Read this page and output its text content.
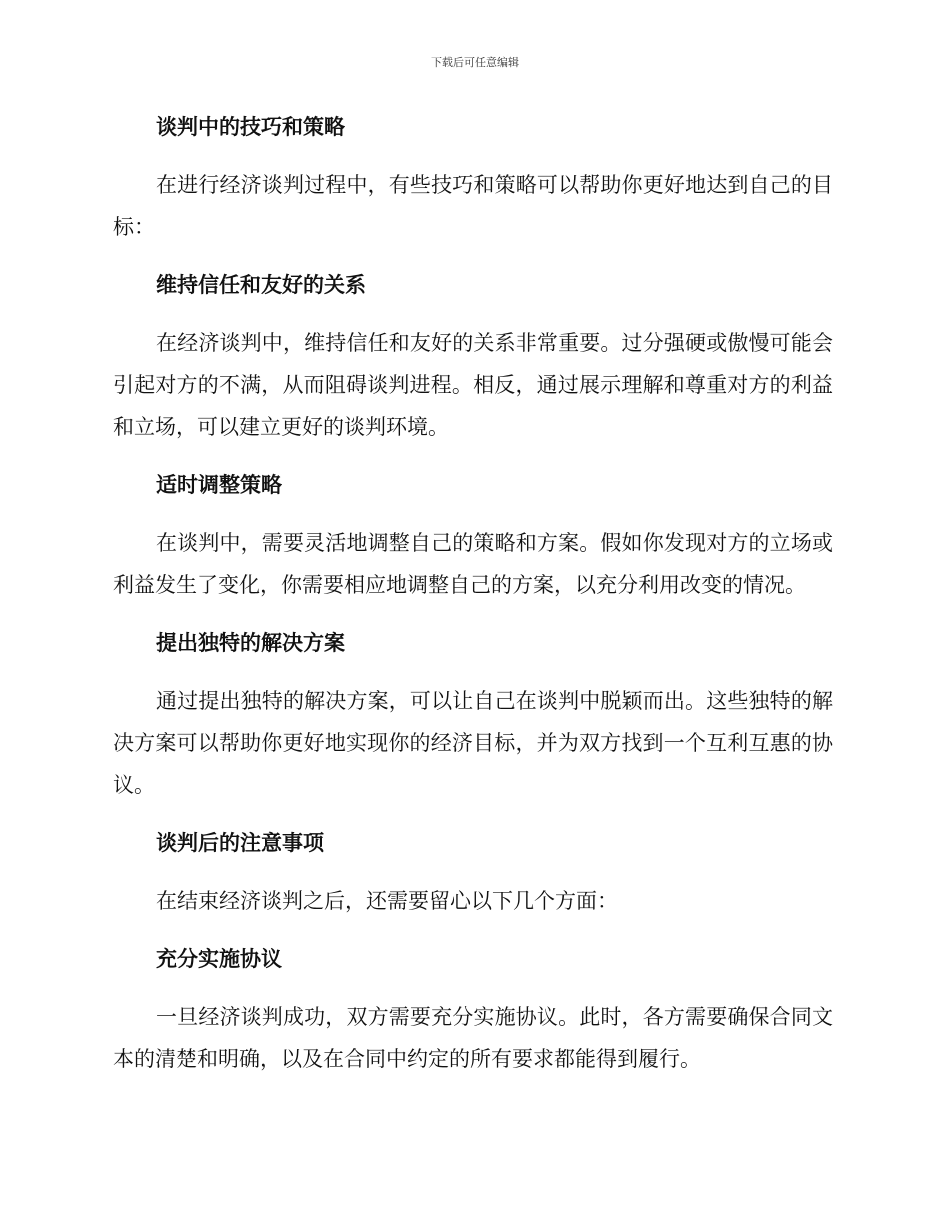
下载后可任意编辑
谈判中的技巧和策略

在进行经济谈判过程中，有些技巧和策略可以帮助你更好地达到自己的目标：

维持信任和友好的关系

在经济谈判中，维持信任和友好的关系非常重要。过分强硬或傲慢可能会引起对方的不满，从而阻碍谈判进程。相反，通过展示理解和尊重对方的利益和立场，可以建立更好的谈判环境。

适时调整策略

在谈判中，需要灵活地调整自己的策略和方案。假如你发现对方的立场或利益发生了变化，你需要相应地调整自己的方案，以充分利用改变的情况。

提出独特的解决方案

通过提出独特的解决方案，可以让自己在谈判中脱颖而出。这些独特的解决方案可以帮助你更好地实现你的经济目标，并为双方找到一个互利互惠的协议。

谈判后的注意事项

在结束经济谈判之后，还需要留心以下几个方面：

充分实施协议

一旦经济谈判成功，双方需要充分实施协议。此时，各方需要确保合同文本的清楚和明确，以及在合同中约定的所有要求都能得到履行。
